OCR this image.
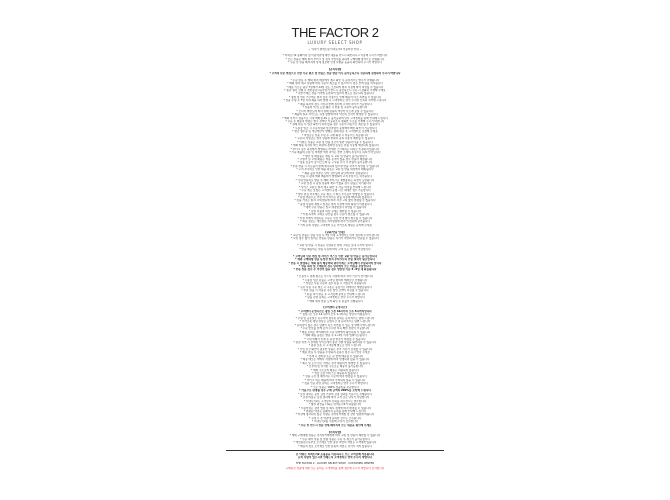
THE FACTOR 2
LUXURY SELECT SHOP
~ 럭셔리 셀렉트샵 더팩토리2 이용약관 안내 ~
* 더팩토리2 홈페이지 및 이용약관에 대한 내용을 반드시 확인하시고 이용해 주시기 바랍니다
* 모든 상품은 해외 현지 부티크 및 정식 수입처를 통하여 구매대행 방식으로 진행됩니다
* 주문 전 상품 페이지의 상세 정보와 안내 사항을 꼼꼼히 확인하여 주시기 바랍니다
[공지사항]
* 고객의 단순 변심으로 인한 주문 취소 및 반품은 상품 발송 이후 불가능하오니 신중하게 결정하여 주시기 바랍니다
* 주문 완료 후 해외 현지 매장에서 재고 확인 후 순차적으로 발주가 진행됩니다
* 해외 현지 재고 상황에 따라 주문이 취소될 수 있으며 이 경우 전액 환불 처리됩니다
* 배송 기간은 평균 7일에서 14일 정도 소요되며 현지 사정에 따라 지연될 수 있습니다
* 통관 절차 진행 시 개인통관고유부호가 반드시 필요하오니 주문 시 정확히 기재해 주세요
* 관부가세는 상품 가격에 포함되어 있으며 별도로 청구되지 않습니다
* 명절 및 연휴 기간에는 현지 물류 사정으로 인해 배송이 다소 지연될 수 있습니다
* 상품 수령 후 7일 이내 제품 하자 발생 시 고객센터로 연락 주시면 신속히 처리해 드립니다
* 제품 하자의 경우 사진과 함께 접수해 주셔야 처리가 가능합니다
* 상품의 택 및 포장 훼손 시 반품 및 교환이 불가능합니다
* 모니터 해상도에 따라 실제 상품의 색상이 다르게 보일 수 있습니다
* 제품의 실측 사이즈는 측정 방법에 따라 약간의 오차가 발생할 수 있습니다
* 해외 부티크 정품으로 국내 백화점 AS 는 불가능하며 당사 고객센터를 통해 안내해 드립니다
* 주문 후 배송지 변경은 발주 전에만 가능하오니 정확한 주소를 기재해 주시기 바랍니다
* 결제 완료 후 입금 확인이 되지 않을 경우 주문이 자동으로 취소될 수 있습니다
* 무통장 입금 시 주문자명과 입금자명이 동일해야 빠른 확인이 가능합니다
* 현금 영수증 및 세금계산서 발행은 결제 완료 후 고객센터로 요청해 주세요
* 적립금은 상품 수령 후 구매 확정 시 자동으로 지급됩니다
* 쿠폰과 적립금은 일부 상품에 한하여 중복 사용이 제한될 수 있습니다
* 이벤트 상품은 교환 및 반품 조건이 일반 상품과 다를 수 있습니다
* 해외 배송 특성상 박스 외관의 경미한 손상은 반품 사유에 해당되지 않습니다
* 부티크 검수 과정에서 발생하는 미세한 스크래치는 하자로 인정되지 않습니다
* 가죽 제품의 주름 및 미세한 색상 차이는 천연 소재의 특성으로 하자가 아닙니다
* 향수 및 화장품은 개봉 후 교환 및 반품이 불가능합니다
* 주얼리 및 시계 제품은 착용 흔적이 있을 경우 반품이 제한됩니다
* 정품 보증서 및 더스트백 등 구성품 누락 시 반품이 불가능합니다
* 부분 반품 시 사은품이 함께 회수되지 않으면 반품 처리가 지연될 수 있습니다
* 고객 부주의로 인한 제품 파손은 교환 및 반품 대상에서 제외됩니다
* 제품 불량 여부는 당사 검수팀의 판단에 따라 결정됩니다
* 반품 시 왕복 해외 배송비가 발생하며 고객 부담으로 처리됩니다
* 국내 반품지로 발송 후 해외 부티크로 재발송하는 과정이 포함됩니다
* 교환 요청 시 동일 상품의 재고가 없을 경우 환불로 처리됩니다
* 사이즈 교환은 현지 재고 확인 후 가능 여부를 안내해 드립니다
* 주문 취소 요청은 고객센터 운영 시간 내에만 접수 가능합니다
* 발주 완료 이후에는 주문 취소 시 취소 수수료가 발생할 수 있습니다
* 환율 변동으로 인한 가격 차이는 환불 사유에 해당되지 않습니다
* 상품 가격은 현지 시세 변동에 따라 사전 고지 없이 변경될 수 있습니다
* 품절 상품의 재입고 일정은 현지 사정에 따라 확정이 어렵습니다
* 예약 주문 상품은 입고 예정일보다 지연될 수 있습니다
* 동일 상품의 대량 구매는 제한될 수 있습니다
* 리셀 목적의 구매로 판단될 경우 주문이 취소될 수 있습니다
* 부정 거래가 의심되는 주문은 사전 안내 없이 취소될 수 있습니다
* 회원 정보는 개인정보 처리방침에 따라 안전하게 관리됩니다
* 기타 문의 사항은 고객센터 또는 카카오톡 채널로 문의해 주세요
[교환/반품 안내]
* 교환 및 반품은 상품 수령 후 7일 이내 고객센터로 먼저 접수해 주셔야 합니다
* 사전 접수 없이 임의로 반송된 상품은 처리가 지연되거나 반송될 수 있습니다
* 교환 및 반품 시 상품은 수령하신 상태 그대로 보내 주셔야 합니다
* 반품 배송비는 반품 사유에 따라 고객 또는 당사가 부담합니다
* 고객님의 단순 변심 및 사이즈 미스로 인한 교환 및 반품은 불가능합니다
* 해외 구매대행 상품 특성상 현지 부티크로의 반품 절차가 필요합니다
* 반품 시 발생하는 해외 왕복 배송비와 관부가세는 고객님께서 부담하셔야 합니다
* 상품 하자 및 오배송의 경우 당사에서 모든 비용을 부담합니다
* 반품 상품 검수 후 이상이 없을 경우 영업일 기준 3~5일 내 환불됩니다
* 신용카드 결제 취소는 카드사 사정에 따라 처리 기간이 상이합니다
* 무통장 입금 환불은 고객님 명의의 계좌로만 진행됩니다
* 적립금 사용 주문의 경우 환불 시 적립금이 복원됩니다
* 쿠폰 사용 주문 취소 시 쿠폰은 유효기간 내에서만 재발급됩니다
* 부분 환불 시 사용된 쿠폰 할인 금액이 차감될 수 있습니다
* 환불 처리 완료 후 고객님께 문자로 안내해 드립니다
* 환불 관련 문의는 고객센터로 연락 주시기 바랍니다
* 해외 현지 반품 도착 확인 후 환불이 진행됩니다
[고객센터 운영시간]
* 고객센터 운영시간은 평일 오전 10시부터 오후 5시까지입니다
* 점심시간 오후 12시부터 오후 1시까지는 상담이 어렵습니다
* 주말 및 공휴일은 휴무이며 접수된 문의는 순차적으로 답변 드립니다
* 카카오톡 채널 상담은 운영시간 내 순차적으로 답변 드립니다
* 문의량이 많은 경우 답변이 다소 지연될 수 있는 점 양해 부탁드립니다
* 주문 번호를 함께 남겨 주시면 더욱 빠른 상담이 가능합니다
* 배송 조회는 마이페이지 주문 내역에서 확인하실 수 있습니다
* 해외 배송 송장은 발송 후 1~2일 이내 업데이트됩니다
* 국내 택배사 인계 후 송장 번호가 변경될 수 있습니다
* 통관 지연 시 관세청 사이트에서 통관 진행 상황을 확인하실 수 있습니다
* 통관 보류 시 고객님께 별도로 연락 드립니다
* 수입 요건 확인이 필요한 상품은 추가 서류가 요청될 수 있습니다
* 배송 완료 후 상품을 수령하지 못하신 경우 즉시 연락 주세요
* 부재 시 경비실 또는 문 앞에 배송될 수 있습니다
* 배송 메모는 택배사 사정에 따라 반영되지 않을 수 있습니다
* 제주 및 도서 산간 지역은 추가 배송비가 발생할 수 있습니다
* 군부대 및 사서함 주소로는 배송이 불가능합니다
* 해외 주소로의 배송은 지원하지 않습니다
* 선물 포장 서비스는 제공되지 않습니다
* 상품 구성 및 패키지는 시즌에 따라 변경될 수 있습니다
* 부티크 택은 제품에 따라 부착되지 않을 수 있습니다
* 정품 인증 관련 문의는 고객센터로 연락 주시기 바랍니다
* 모든 상품은 100% 정품임을 보증합니다
* 가품으로 판명될 경우 구매 금액의 200%를 보상해 드립니다
* 보상 절차는 공인 감정 기관의 감정 결과를 기준으로 진행됩니다
* 감정 비용은 감정 결과에 따라 고객 또는 당사가 부담합니다
* 더팩토리2는 고객님의 신뢰를 최우선으로 생각합니다
* 항상 최선을 다하는 더팩토리2가 되겠습니다
* 이용약관은 관련 법령 및 회사 정책에 따라 변경될 수 있습니다
* 변경된 약관은 홈페이지 공지를 통해 안내해 드립니다
* 약관에 명시되지 않은 사항은 전자상거래법 및 관련 법령에 따릅니다
* 구매 시 본 약관에 동의한 것으로 간주됩니다
* 더팩토리2를 이용해 주셔서 감사합니다
* 주문 전 반드시 상품 상세 페이지의 모든 내용을 확인해 주세요
[주의사항]
* 해외 구매대행 상품은 전자상거래법에 따라 교환 및 반품이 제한될 수 있습니다
* 주문 제작 상품 및 맞춤 상품은 주문 후 취소가 불가능합니다
* 개인통관고유부호 오기재로 인한 통관 지연의 책임은 고객에게 있습니다
* 배송지 정보 오기재로 인한 분실의 책임은 당사가 지지 않습니다
본 약관은 더팩토리2 쇼핑몰을 이용하시는 모든 고객님께 적용됩니다
문의 사항이 있으시면 언제든지 고객센터로 연락 주시기 바랍니다
THE FACTOR 2 · LUXURY SELECT SHOP · CUSTOMER CENTER
구매하신 상품에 대한 모든 문의는 고객센터를 통해 접수해 주시기 바랍니다 감사합니다
